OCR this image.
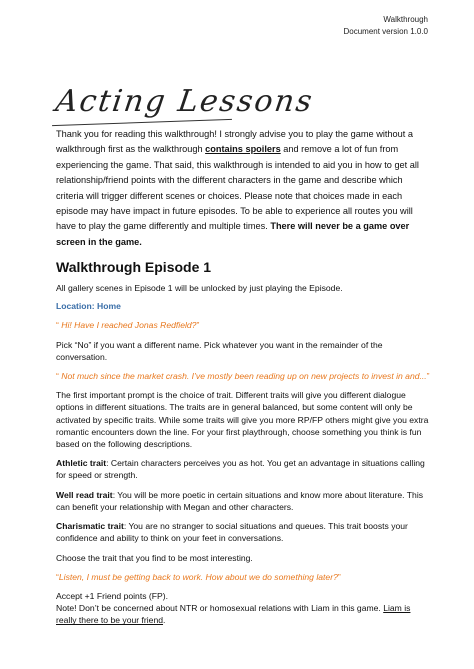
Walkthrough
Document version 1.0.0
Acting Lessons

Thank you for reading this walkthrough! I strongly advise you to play the game without a walkthrough first as the walkthrough contains spoilers and remove a lot of fun from experiencing the game. That said, this walkthrough is intended to aid you in how to get all relationship/friend points with the different characters in the game and describe which criteria will trigger different scenes or choices. Please note that choices made in each episode may have impact in future episodes. To be able to experience all routes you will have to play the game differently and multiple times. There will never be a game over screen in the game.

Walkthrough Episode 1

All gallery scenes in Episode 1 will be unlocked by just playing the Episode.

Location: Home

“ Hi! Have I reached Jonas Redfield?”

Pick “No” if you want a different name. Pick whatever you want in the remainder of the conversation.

“ Not much since the market crash. I’ve mostly been reading up on new projects to invest in and...”

The first important prompt is the choice of trait. Different traits will give you different dialogue options in different situations. The traits are in general balanced, but some content will only be activated by specific traits. While some traits will give you more RP/FP others might give you extra romantic encounters down the line. For your first playthrough, choose something you think is fun based on the following descriptions.

Athletic trait: Certain characters perceives you as hot. You get an advantage in situations calling for speed or strength.

Well read trait: You will be more poetic in certain situations and know more about literature. This can benefit your relationship with Megan and other characters.

Charismatic trait: You are no stranger to social situations and queues. This trait boosts your confidence and ability to think on your feet in conversations.

Choose the trait that you find to be most interesting.

“Listen, I must be getting back to work. How about we do something later?”

Accept +1 Friend points (FP).

Note! Don’t be concerned about NTR or homosexual relations with Liam in this game. Liam is really there to be your friend.
